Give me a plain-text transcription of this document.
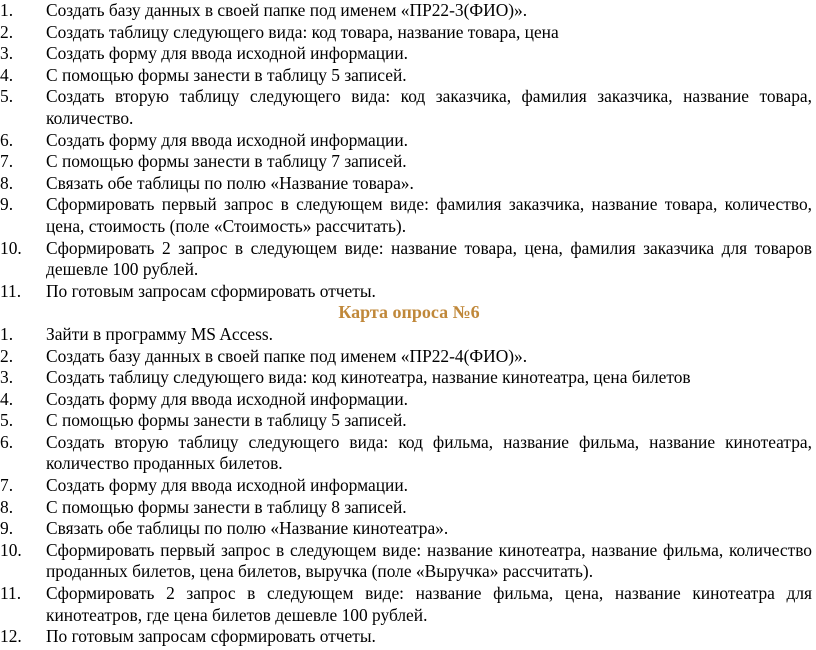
1. Создать базу данных в своей папке под именем «ПР22-3(ФИО)».
2. Создать таблицу следующего вида: код товара, название товара, цена
3. Создать форму для ввода исходной информации.
4. С помощью формы занести в таблицу 5 записей.
5. Создать вторую таблицу следующего вида: код заказчика, фамилия заказчика, название товара, количество.
6. Создать форму для ввода исходной информации.
7. С помощью формы занести в таблицу 7 записей.
8. Связать обе таблицы по полю «Название товара».
9. Сформировать первый запрос в следующем виде: фамилия заказчика, название товара, количество, цена, стоимость (поле «Стоимость» рассчитать).
10. Сформировать 2 запрос в следующем виде: название товара, цена, фамилия заказчика для товаров дешевле 100 рублей.
11. По готовым запросам сформировать отчеты.

Карта опроса №6

1. Зайти в программу MS Access.
2. Создать базу данных в своей папке под именем «ПР22-4(ФИО)».
3. Создать таблицу следующего вида: код кинотеатра, название кинотеатра, цена билетов
4. Создать форму для ввода исходной информации.
5. С помощью формы занести в таблицу 5 записей.
6. Создать вторую таблицу следующего вида: код фильма, название фильма, название кинотеатра, количество проданных билетов.
7. Создать форму для ввода исходной информации.
8. С помощью формы занести в таблицу 8 записей.
9. Связать обе таблицы по полю «Название кинотеатра».
10. Сформировать первый запрос в следующем виде: название кинотеатра, название фильма, количество проданных билетов, цена билетов, выручка (поле «Выручка» рассчитать).
11. Сформировать 2 запрос в следующем виде: название фильма, цена, название кинотеатра для кинотеатров, где цена билетов дешевле 100 рублей.
12. По готовым запросам сформировать отчеты.
